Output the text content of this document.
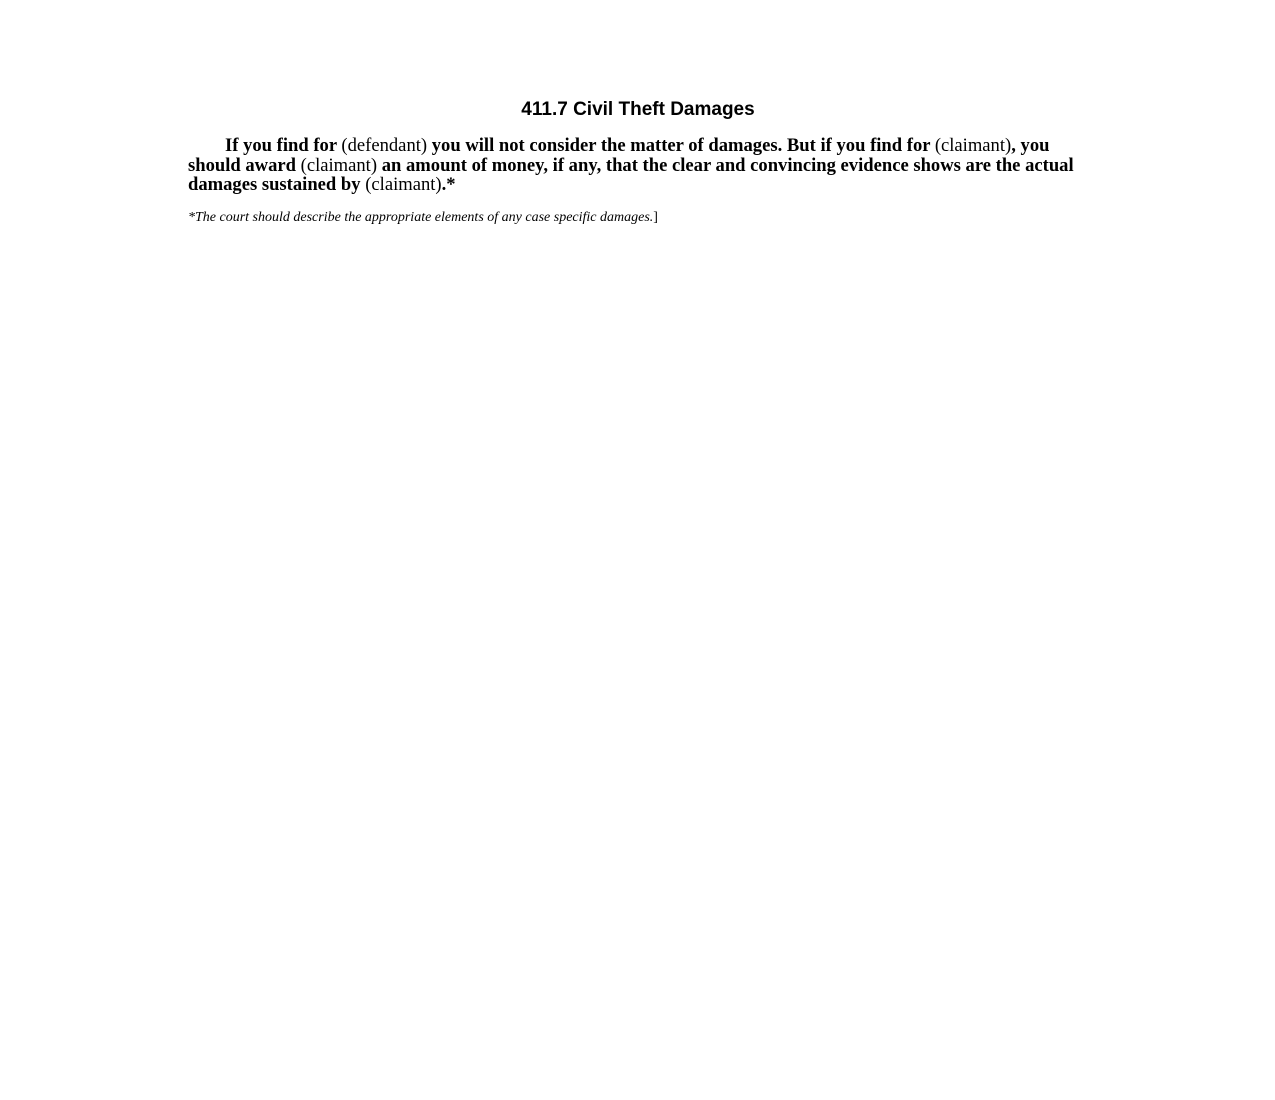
411.7 Civil Theft Damages

If you find for (defendant) you will not consider the matter of damages. But if you find for (claimant), you should award (claimant) an amount of money, if any, that the clear and convincing evidence shows are the actual damages sustained by (claimant).*

*The court should describe the appropriate elements of any case specific damages.]
